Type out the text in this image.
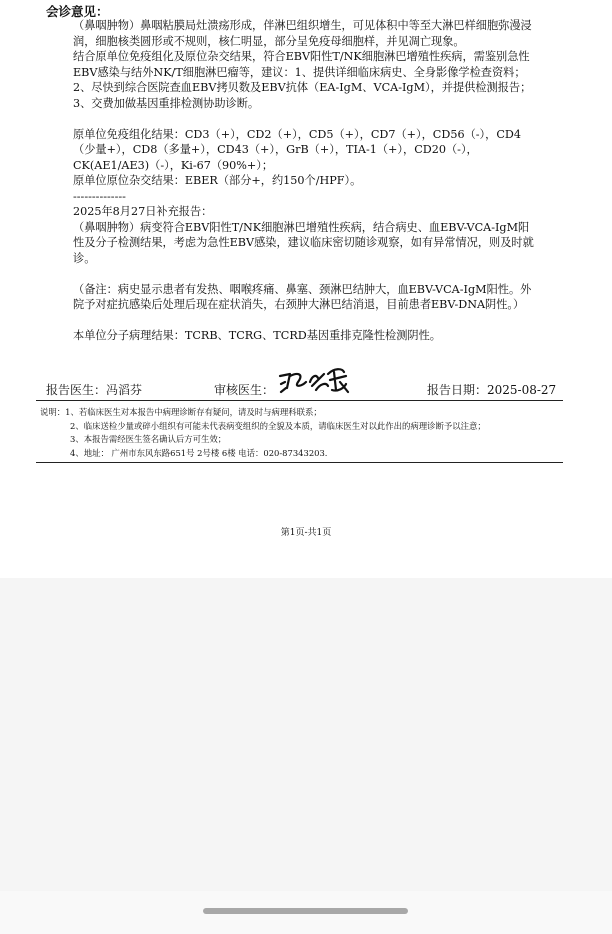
会诊意见：

（鼻咽肿物）鼻咽粘膜局灶溃疡形成，伴淋巴组织增生，可见体积中等至大淋巴样细胞弥漫浸润，细胞核类圆形或不规则，核仁明显，部分呈免疫母细胞样，并见凋亡现象。

结合原单位免疫组化及原位杂交结果，符合EBV阳性T/NK细胞淋巴增殖性疾病，需鉴别急性EBV感染与结外NK/T细胞淋巴瘤等，建议：1、提供详细临床病史、全身影像学检查资料；2、尽快到综合医院查血EBV拷贝数及EBV抗体（EA-IgM、VCA-IgM），并提供检测报告；3、交费加做基因重排检测协助诊断。

原单位免疫组化结果：CD3（+），CD2（+），CD5（+），CD7（+），CD56（-），CD4（少量+），CD8（多量+），CD43（+），GrB（+），TIA-1（+），CD20（-），CK(AE1/AE3)（-），Ki-67（90%+）；

原单位原位杂交结果：EBER（部分+，约150个/HPF）。

--------------

2025年8月27日补充报告：

（鼻咽肿物）病变符合EBV阳性T/NK细胞淋巴增殖性疾病，结合病史、血EBV-VCA-IgM阳性及分子检测结果，考虑为急性EBV感染，建议临床密切随诊观察，如有异常情况，则及时就诊。

（备注：病史显示患者有发热、咽喉疼痛、鼻塞、颈淋巴结肿大，血EBV-VCA-IgM阳性。外院予对症抗感染后处理后现在症状消失，右颈肿大淋巴结消退，目前患者EBV-DNA阴性。）

本单位分子病理结果：TCRB、TCRG、TCRD基因重排克隆性检测阴性。

报告医生：冯滔芬	审核医生：	报告日期：2025-08-27

说明：1、若临床医生对本报告中病理诊断存有疑问，请及时与病理科联系；

2、临床送检少量或碎小组织有可能未代表病变组织的全貌及本质，请临床医生对以此作出的病理诊断予以注意；

3、本报告需经医生签名确认后方可生效；

4、地址： 广州市东风东路651号 2号楼 6楼 电话：020-87343203.

第1页-共1页
